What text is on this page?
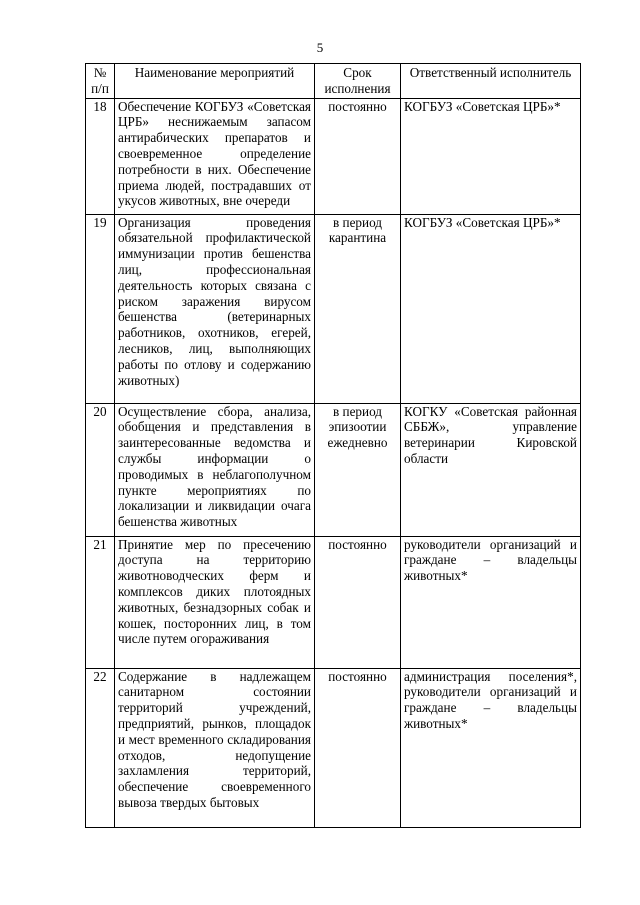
5
№ п/п	Наименование мероприятий	Срок исполнения	Ответственный исполнитель
18	Обеспечение КОГБУЗ «Советская ЦРБ» неснижаемым запасом антирабических препаратов и своевременное определение потребности в них. Обеспечение приема людей, пострадавших от укусов животных, вне очереди	постоянно	КОГБУЗ «Советская ЦРБ»*
19	Организация проведения обязательной профилактической иммунизации против бешенства лиц, профессиональная деятельность которых связана с риском заражения вирусом бешенства (ветеринарных работников, охотников, егерей, лесников, лиц, выполняющих работы по отлову и содержанию животных)	в период карантина	КОГБУЗ «Советская ЦРБ»*
20	Осуществление сбора, анализа, обобщения и представления в заинтересованные ведомства и службы информации о проводимых в неблагополучном пункте мероприятиях по локализации и ликвидации очага бешенства животных	в период эпизоотии ежедневно	КОГКУ «Советская районная СББЖ», управление ветеринарии Кировской области
21	Принятие мер по пресечению доступа на территорию животноводческих ферм и комплексов диких плотоядных животных, безнадзорных собак и кошек, посторонних лиц, в том числе путем огораживания	постоянно	руководители организаций и граждане – владельцы животных*
22	Содержание в надлежащем санитарном состоянии территорий учреждений, предприятий, рынков, площадок и мест временного складирования отходов, недопущение захламления территорий, обеспечение своевременного вывоза твердых бытовых	постоянно	администрация поселения*, руководители организаций и граждане – владельцы животных*
